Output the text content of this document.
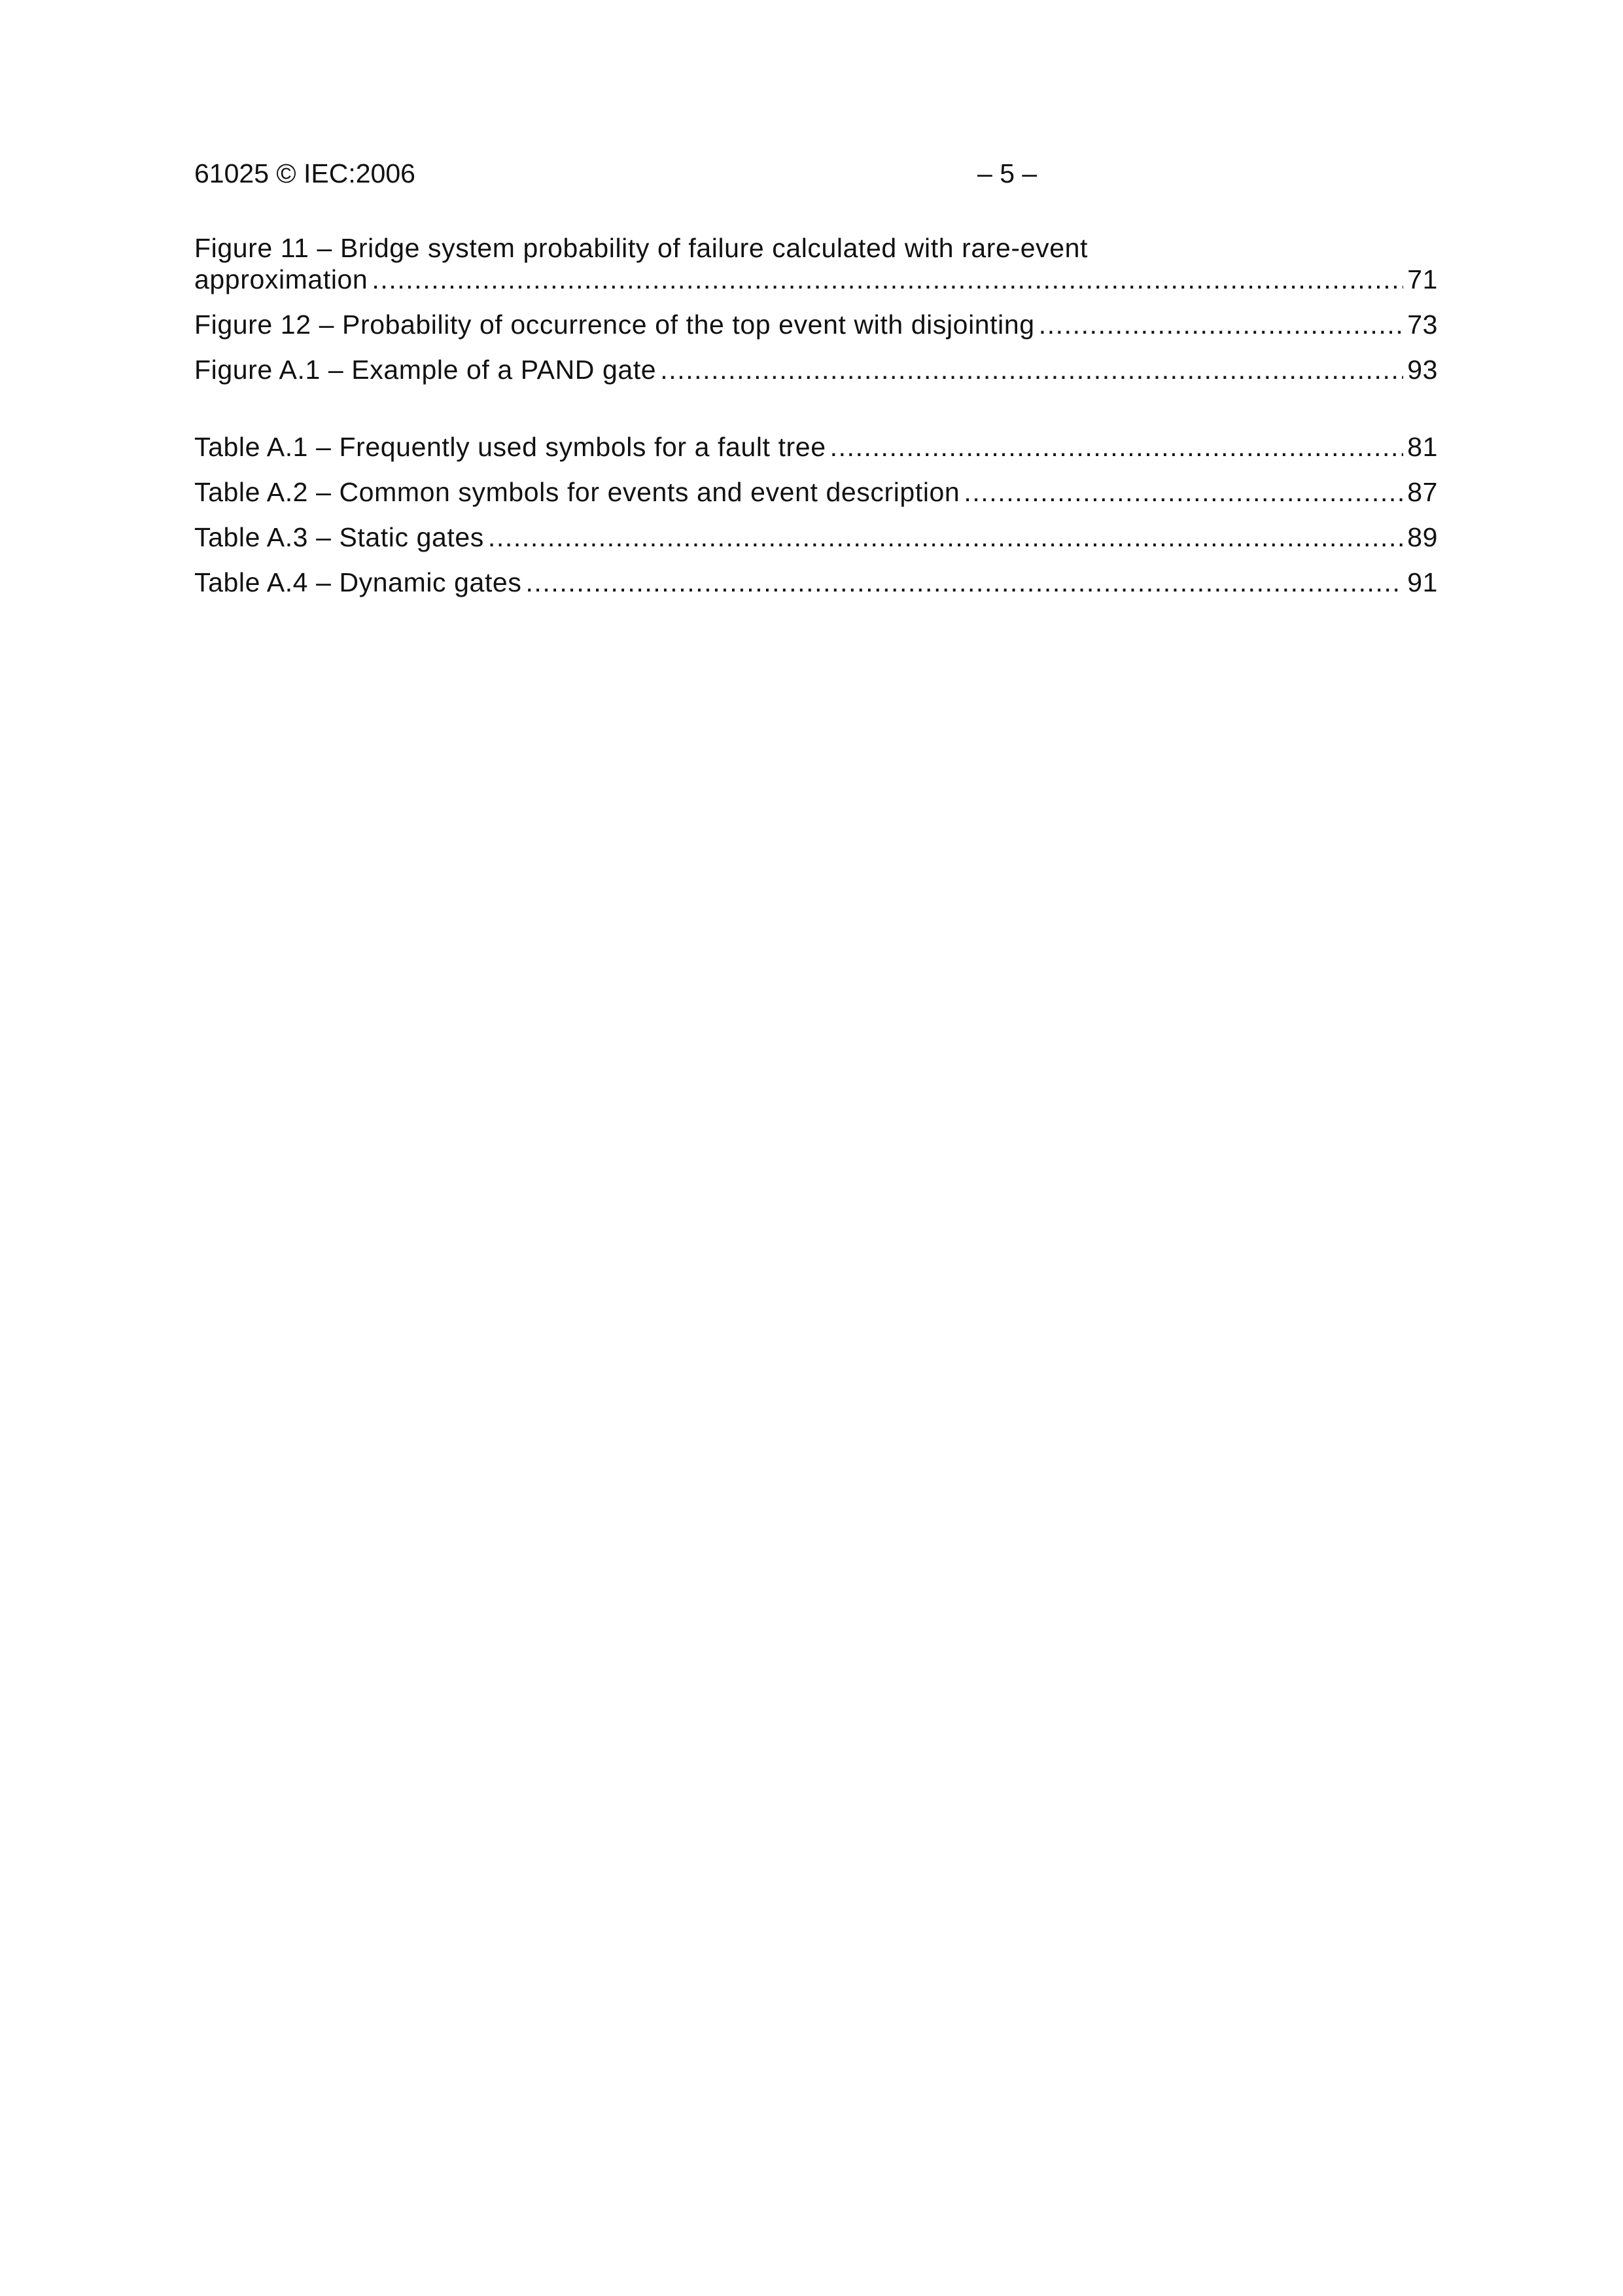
61025 © IEC:2006	– 5 –
Figure 11 – Bridge system probability of failure calculated with rare-event
approximation .....	71
Figure 12 – Probability of occurrence of the top event with disjointing .....	73
Figure A.1 – Example of a PAND gate .....	93
Table A.1 – Frequently used symbols for a fault tree .....	81
Table A.2 – Common symbols for events and event description .....	87
Table A.3 – Static gates .....	89
Table A.4 – Dynamic gates .....	91
